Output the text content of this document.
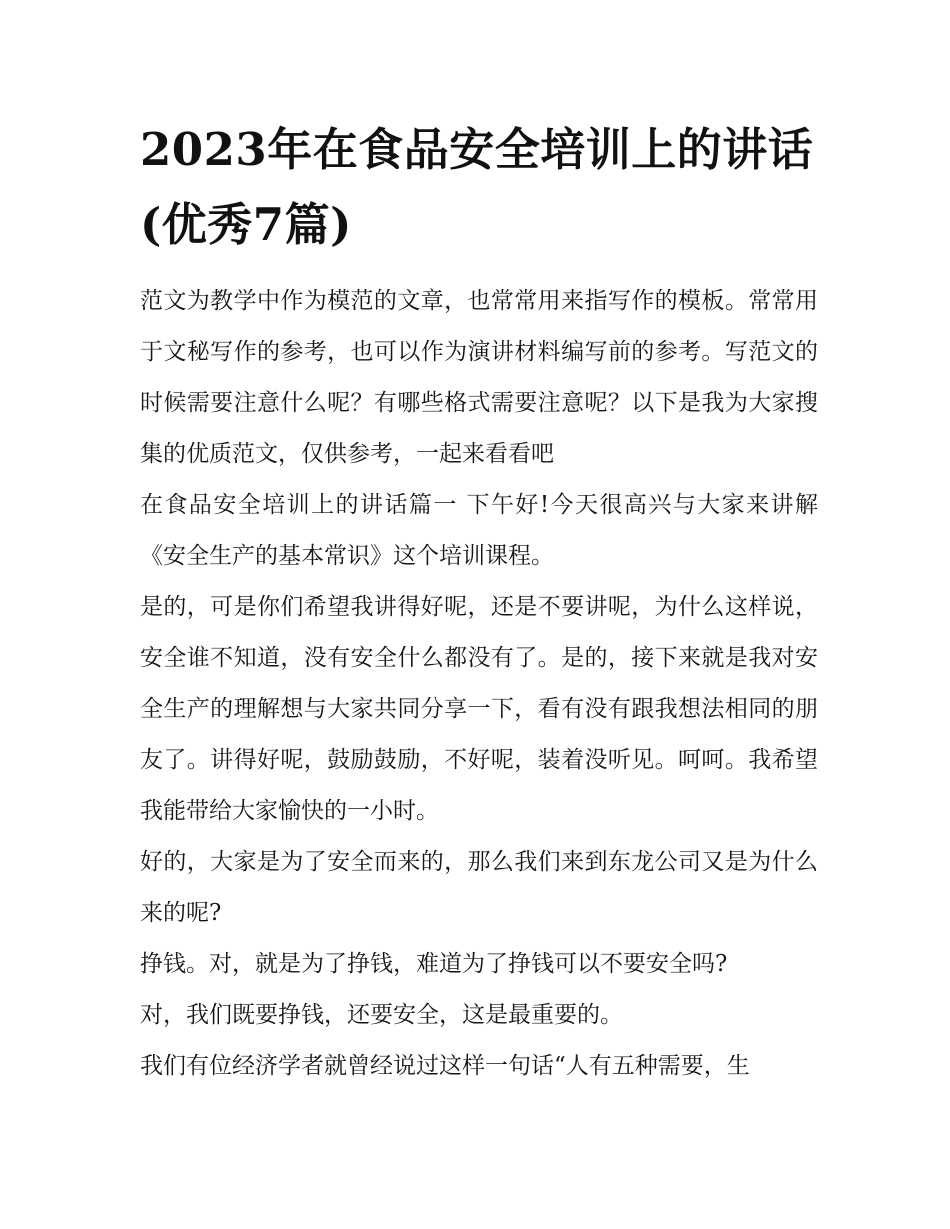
2023年在食品安全培训上的讲话(优秀7篇)

范文为教学中作为模范的文章，也常常用来指写作的模板。常常用于文秘写作的参考，也可以作为演讲材料编写前的参考。写范文的时候需要注意什么呢？有哪些格式需要注意呢？以下是我为大家搜集的优质范文，仅供参考，一起来看看吧

在食品安全培训上的讲话篇一 下午好!今天很高兴与大家来讲解《安全生产的基本常识》这个培训课程。

是的，可是你们希望我讲得好呢，还是不要讲呢，为什么这样说，安全谁不知道，没有安全什么都没有了。是的，接下来就是我对安全生产的理解想与大家共同分享一下，看有没有跟我想法相同的朋友了。讲得好呢，鼓励鼓励，不好呢，装着没听见。呵呵。我希望我能带给大家愉快的一小时。

好的，大家是为了安全而来的，那么我们来到东龙公司又是为什么来的呢?

挣钱。对，就是为了挣钱，难道为了挣钱可以不要安全吗?

对，我们既要挣钱，还要安全，这是最重要的。

我们有位经济学者就曾经说过这样一句话“人有五种需要，生
